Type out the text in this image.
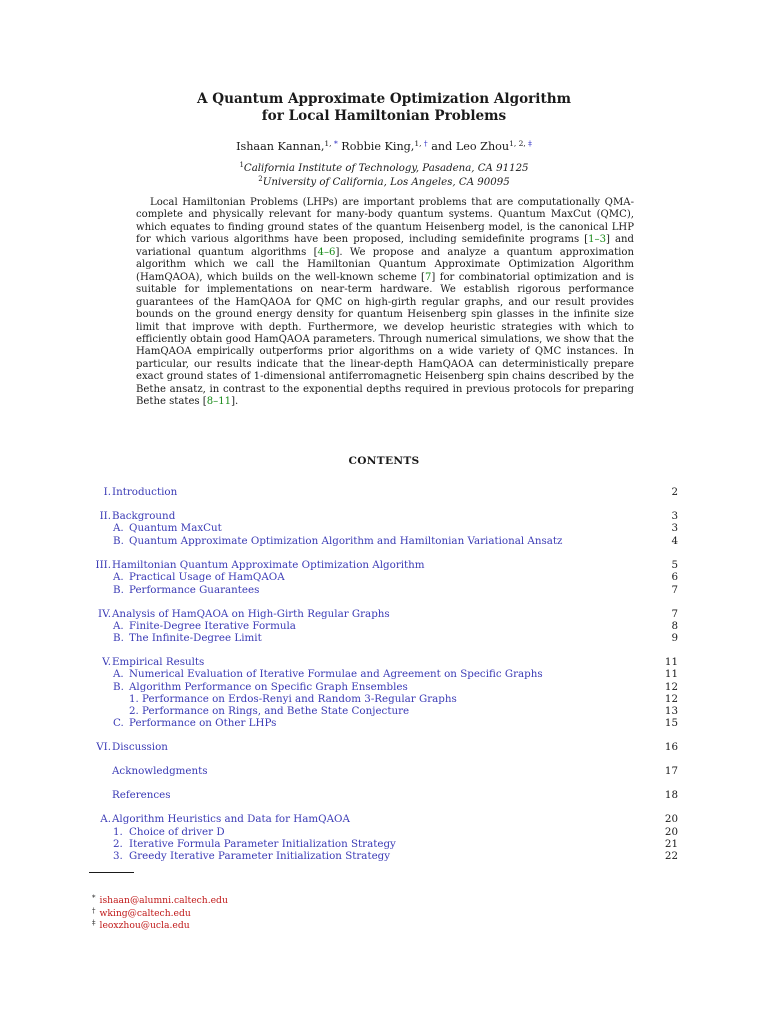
A Quantum Approximate Optimization Algorithm
for Local Hamiltonian Problems
Ishaan Kannan,$^{1, *}$ Robbie King,$^{1, \dagger}$ and Leo Zhou$^{1, 2, \ddagger}$
$^1$California Institute of Technology, Pasadena, CA 91125
$^2$University of California, Los Angeles, CA 90095

Local Hamiltonian Problems (LHPs) are important problems that are computationally QMA-complete and physically relevant for many-body quantum systems. Quantum MaxCut (QMC), which equates to finding ground states of the quantum Heisenberg model, is the canonical LHP for which various algorithms have been proposed, including semidefinite programs [1–3] and variational quantum algorithms [4–6]. We propose and analyze a quantum approximation algorithm which we call the Hamiltonian Quantum Approximate Optimization Algorithm (HamQAOA), which builds on the well-known scheme [7] for combinatorial optimization and is suitable for implementations on near-term hardware. We establish rigorous performance guarantees of the HamQAOA for QMC on high-girth regular graphs, and our result provides bounds on the ground energy density for quantum Heisenberg spin glasses in the infinite size limit that improve with depth. Furthermore, we develop heuristic strategies with which to efficiently obtain good HamQAOA parameters. Through numerical simulations, we show that the HamQAOA empirically outperforms prior algorithms on a wide variety of QMC instances. In particular, our results indicate that the linear-depth HamQAOA can deterministically prepare exact ground states of 1-dimensional antiferromagnetic Heisenberg spin chains described by the Bethe ansatz, in contrast to the exponential depths required in previous protocols for preparing Bethe states [8–11].

CONTENTS
I. Introduction	2
II. Background	3
A. Quantum MaxCut	3
B. Quantum Approximate Optimization Algorithm and Hamiltonian Variational Ansatz	4
III. Hamiltonian Quantum Approximate Optimization Algorithm	5
A. Practical Usage of HamQAOA	6
B. Performance Guarantees	7
IV. Analysis of HamQAOA on High-Girth Regular Graphs	7
A. Finite-Degree Iterative Formula	8
B. The Infinite-Degree Limit	9
V. Empirical Results	11
A. Numerical Evaluation of Iterative Formulae and Agreement on Specific Graphs	11
B. Algorithm Performance on Specific Graph Ensembles	12
1. Performance on Erdos-Renyi and Random 3-Regular Graphs	12
2. Performance on Rings, and Bethe State Conjecture	13
C. Performance on Other LHPs	15
VI. Discussion	16
Acknowledgments	17
References	18
A. Algorithm Heuristics and Data for HamQAOA	20
1. Choice of driver D	20
2. Iterative Formula Parameter Initialization Strategy	21
3. Greedy Iterative Parameter Initialization Strategy	22
* ishaan@alumni.caltech.edu
† wking@caltech.edu
‡ leoxzhou@ucla.edu
